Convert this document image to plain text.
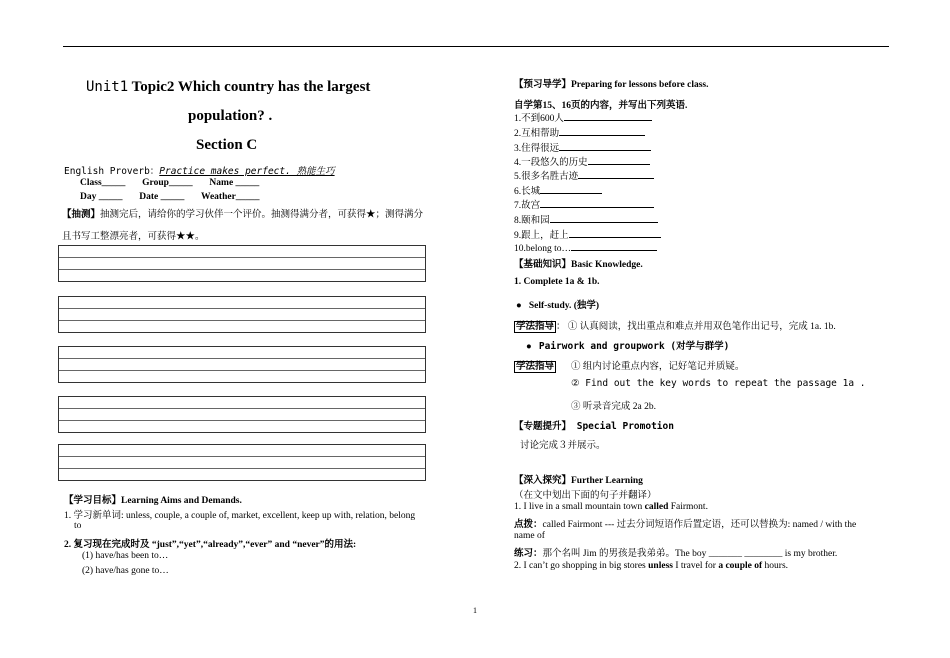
Unit1 Topic2 Which country has the largest
population? .
Section C
English Proverb：Practice makes perfect. 熟能生巧
Class_____ Group_____ Name _____
Day _____ Date _____ Weather_____
【抽测】抽测完后，请给你的学习伙伴一个评价。抽测得满分者，可获得★；测得满分
且书写工整漂亮者，可获得★★。
【学习目标】Learning Aims and Demands.
1. 学习新单词: unless, couple, a couple of, market, excellent, keep up with, relation, belong
to
2. 复习现在完成时及 “just”,“yet”,“already”,“ever” and “never”的用法:
(1) have/has been to…
(2) have/has gone to…
【预习导学】Preparing for lessons before class.
自学第15、16页的内容，并写出下列英语.
1.不到600人
2.互相帮助
3.住得很远
4.一段悠久的历史
5.很多名胜古迹
6.长城
7.故宫
8.颐和园
9.跟上，赶上
10.belong to…
【基础知识】Basic Knowledge.
1. Complete 1a & 1b.
● Self-study. (独学)
学法指导 ： ① 认真阅读，找出重点和难点并用双色笔作出记号，完成 1a. 1b.
● Pairwork and groupwork (对学与群学)
学法指导 ① 组内讨论重点内容，记好笔记并质疑。
② Find out the key words to repeat the passage 1a .
③ 听录音完成 2a 2b.
【专题提升】 Special Promotion
讨论完成３并展示。
【深入探究】Further Learning
（在文中划出下面的句子并翻译）
1. I live in a small mountain town called Fairmont.
点拨：called Fairmont --- 过去分词短语作后置定语，还可以替换为: named / with the
name of
练习：那个名叫 Jim 的男孩是我弟弟。The boy _______ ________ is my brother.
2. I can’t go shopping in big stores unless I travel for a couple of hours.
1
